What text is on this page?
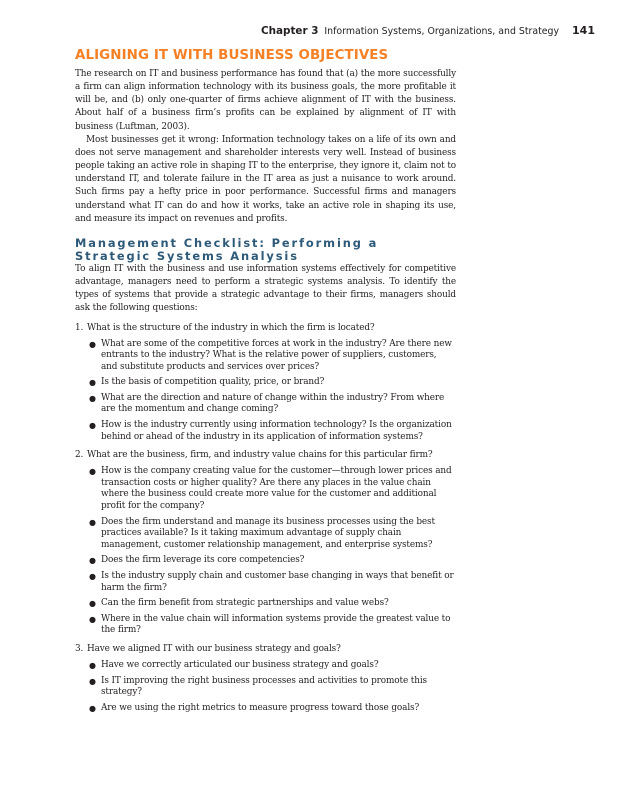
Chapter 3 Information Systems, Organizations, and Strategy 141
ALIGNING IT WITH BUSINESS OBJECTIVES

The research on IT and business performance has found that (a) the more successfully a firm can align information technology with its business goals, the more profitable it will be, and (b) only one-quarter of firms achieve alignment of IT with the business. About half of a business firm’s profits can be explained by alignment of IT with business (Luftman, 2003).

Most businesses get it wrong: Information technology takes on a life of its own and does not serve management and shareholder interests very well. Instead of business people taking an active role in shaping IT to the enterprise, they ignore it, claim not to understand IT, and tolerate failure in the IT area as just a nuisance to work around. Such firms pay a hefty price in poor performance. Successful firms and managers understand what IT can do and how it works, take an active role in shaping its use, and measure its impact on revenues and profits.

Management Checklist: Performing a Strategic Systems Analysis

To align IT with the business and use information systems effectively for competitive advantage, managers need to perform a strategic systems analysis. To identify the types of systems that provide a strategic advantage to their firms, managers should ask the following questions:

1. What is the structure of the industry in which the firm is located?
● What are some of the competitive forces at work in the industry? Are there new entrants to the industry? What is the relative power of suppliers, customers, and substitute products and services over prices?
● Is the basis of competition quality, price, or brand?
● What are the direction and nature of change within the industry? From where are the momentum and change coming?
● How is the industry currently using information technology? Is the organization behind or ahead of the industry in its application of information systems?
2. What are the business, firm, and industry value chains for this particular firm?
● How is the company creating value for the customer—through lower prices and transaction costs or higher quality? Are there any places in the value chain where the business could create more value for the customer and additional profit for the company?
● Does the firm understand and manage its business processes using the best practices available? Is it taking maximum advantage of supply chain management, customer relationship management, and enterprise systems?
● Does the firm leverage its core competencies?
● Is the industry supply chain and customer base changing in ways that benefit or harm the firm?
● Can the firm benefit from strategic partnerships and value webs?
● Where in the value chain will information systems provide the greatest value to the firm?
3. Have we aligned IT with our business strategy and goals?
● Have we correctly articulated our business strategy and goals?
● Is IT improving the right business processes and activities to promote this strategy?
● Are we using the right metrics to measure progress toward those goals?
